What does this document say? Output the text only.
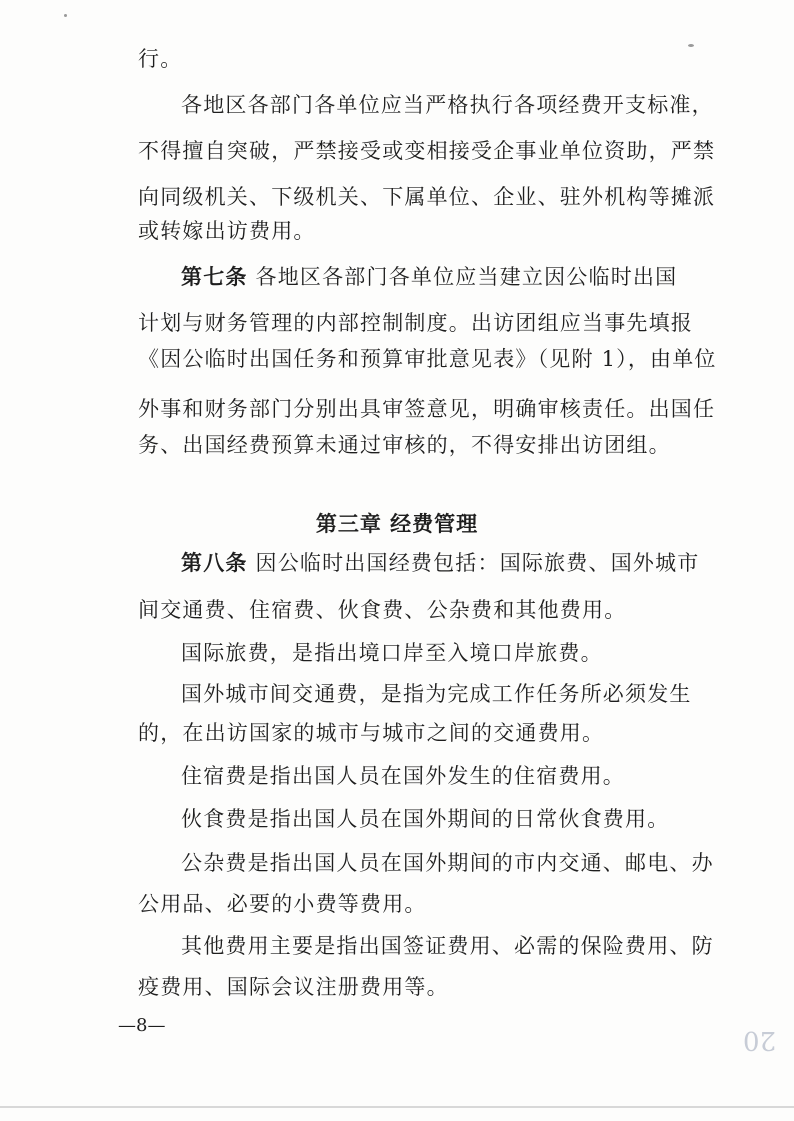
行。
各地区各部门各单位应当严格执行各项经费开支标准，
不得擅自突破，严禁接受或变相接受企事业单位资助，严禁
向同级机关、下级机关、下属单位、企业、驻外机构等摊派
或转嫁出访费用。
第七条 各地区各部门各单位应当建立因公临时出国
计划与财务管理的内部控制制度。出访团组应当事先填报
《因公临时出国任务和预算审批意见表》（见附 1），由单位
外事和财务部门分别出具审签意见，明确审核责任。出国任
务、出国经费预算未通过审核的，不得安排出访团组。
第三章 经费管理
第八条 因公临时出国经费包括：国际旅费、国外城市
间交通费、住宿费、伙食费、公杂费和其他费用。
国际旅费，是指出境口岸至入境口岸旅费。
国外城市间交通费，是指为完成工作任务所必须发生
的，在出访国家的城市与城市之间的交通费用。
住宿费是指出国人员在国外发生的住宿费用。
伙食费是指出国人员在国外期间的日常伙食费用。
公杂费是指出国人员在国外期间的市内交通、邮电、办
公用品、必要的小费等费用。
其他费用主要是指出国签证费用、必需的保险费用、防
疫费用、国际会议注册费用等。
—8—	20
